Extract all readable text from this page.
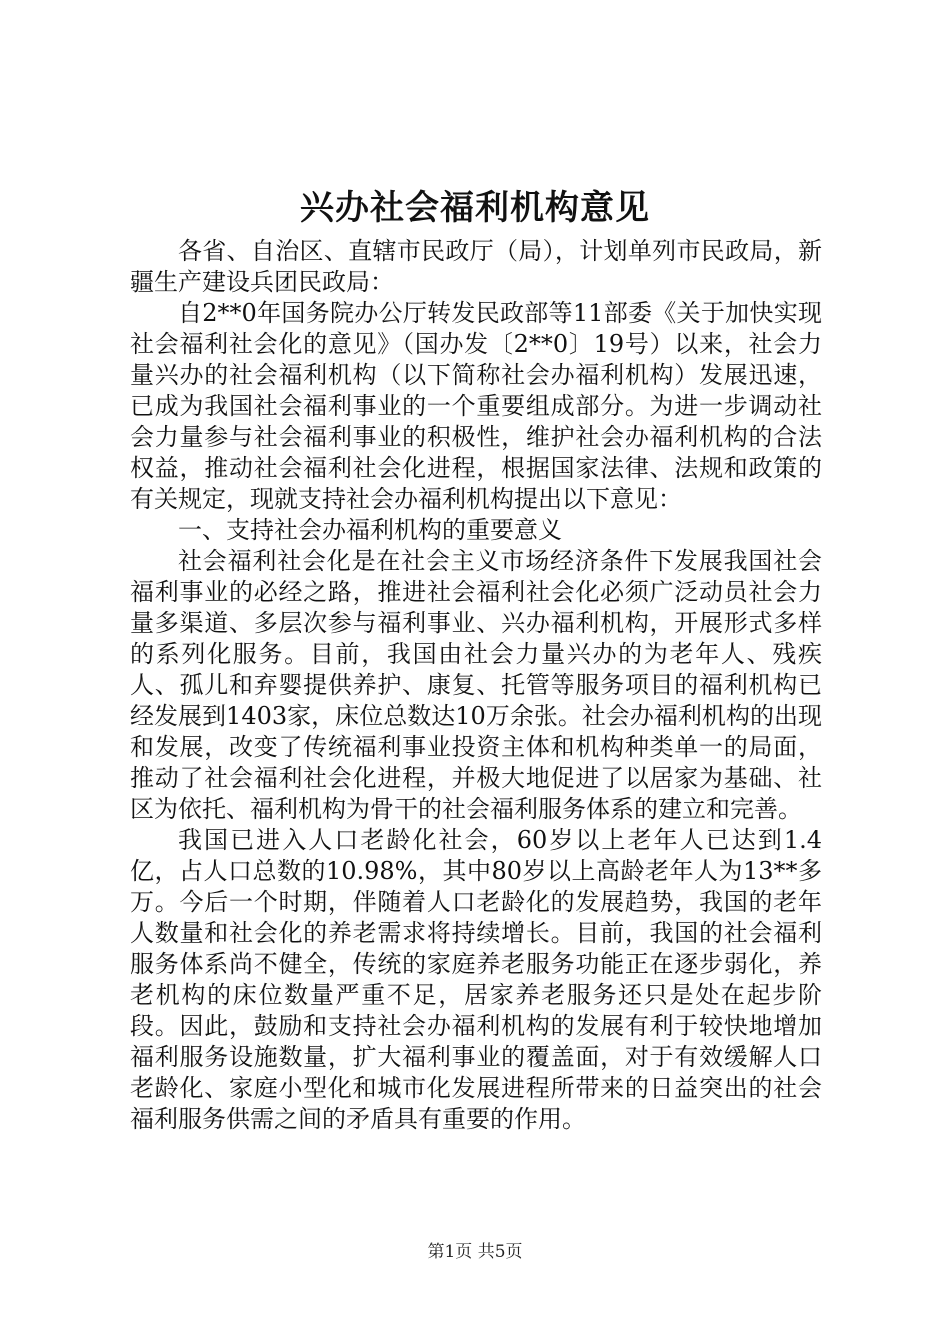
兴办社会福利机构意见

各省、自治区、直辖市民政厅（局），计划单列市民政局，新疆生产建设兵团民政局：

自2**0年国务院办公厅转发民政部等11部委《关于加快实现社会福利社会化的意见》（国办发〔2**0〕19号）以来，社会力量兴办的社会福利机构（以下简称社会办福利机构）发展迅速，已成为我国社会福利事业的一个重要组成部分。为进一步调动社会力量参与社会福利事业的积极性，维护社会办福利机构的合法权益，推动社会福利社会化进程，根据国家法律、法规和政策的有关规定，现就支持社会办福利机构提出以下意见：

一、支持社会办福利机构的重要意义

社会福利社会化是在社会主义市场经济条件下发展我国社会福利事业的必经之路，推进社会福利社会化必须广泛动员社会力量多渠道、多层次参与福利事业、兴办福利机构，开展形式多样的系列化服务。目前，我国由社会力量兴办的为老年人、残疾人、孤儿和弃婴提供养护、康复、托管等服务项目的福利机构已经发展到1403家，床位总数达10万余张。社会办福利机构的出现和发展，改变了传统福利事业投资主体和机构种类单一的局面，推动了社会福利社会化进程，并极大地促进了以居家为基础、社区为依托、福利机构为骨干的社会福利服务体系的建立和完善。

我国已进入人口老龄化社会，60岁以上老年人已达到1.4亿，占人口总数的10.98%，其中80岁以上高龄老年人为13**多万。今后一个时期，伴随着人口老龄化的发展趋势，我国的老年人数量和社会化的养老需求将持续增长。目前，我国的社会福利服务体系尚不健全，传统的家庭养老服务功能正在逐步弱化，养老机构的床位数量严重不足，居家养老服务还只是处在起步阶段。因此，鼓励和支持社会办福利机构的发展有利于较快地增加福利服务设施数量，扩大福利事业的覆盖面，对于有效缓解人口老龄化、家庭小型化和城市化发展进程所带来的日益突出的社会福利服务供需之间的矛盾具有重要的作用。

第1页 共5页
